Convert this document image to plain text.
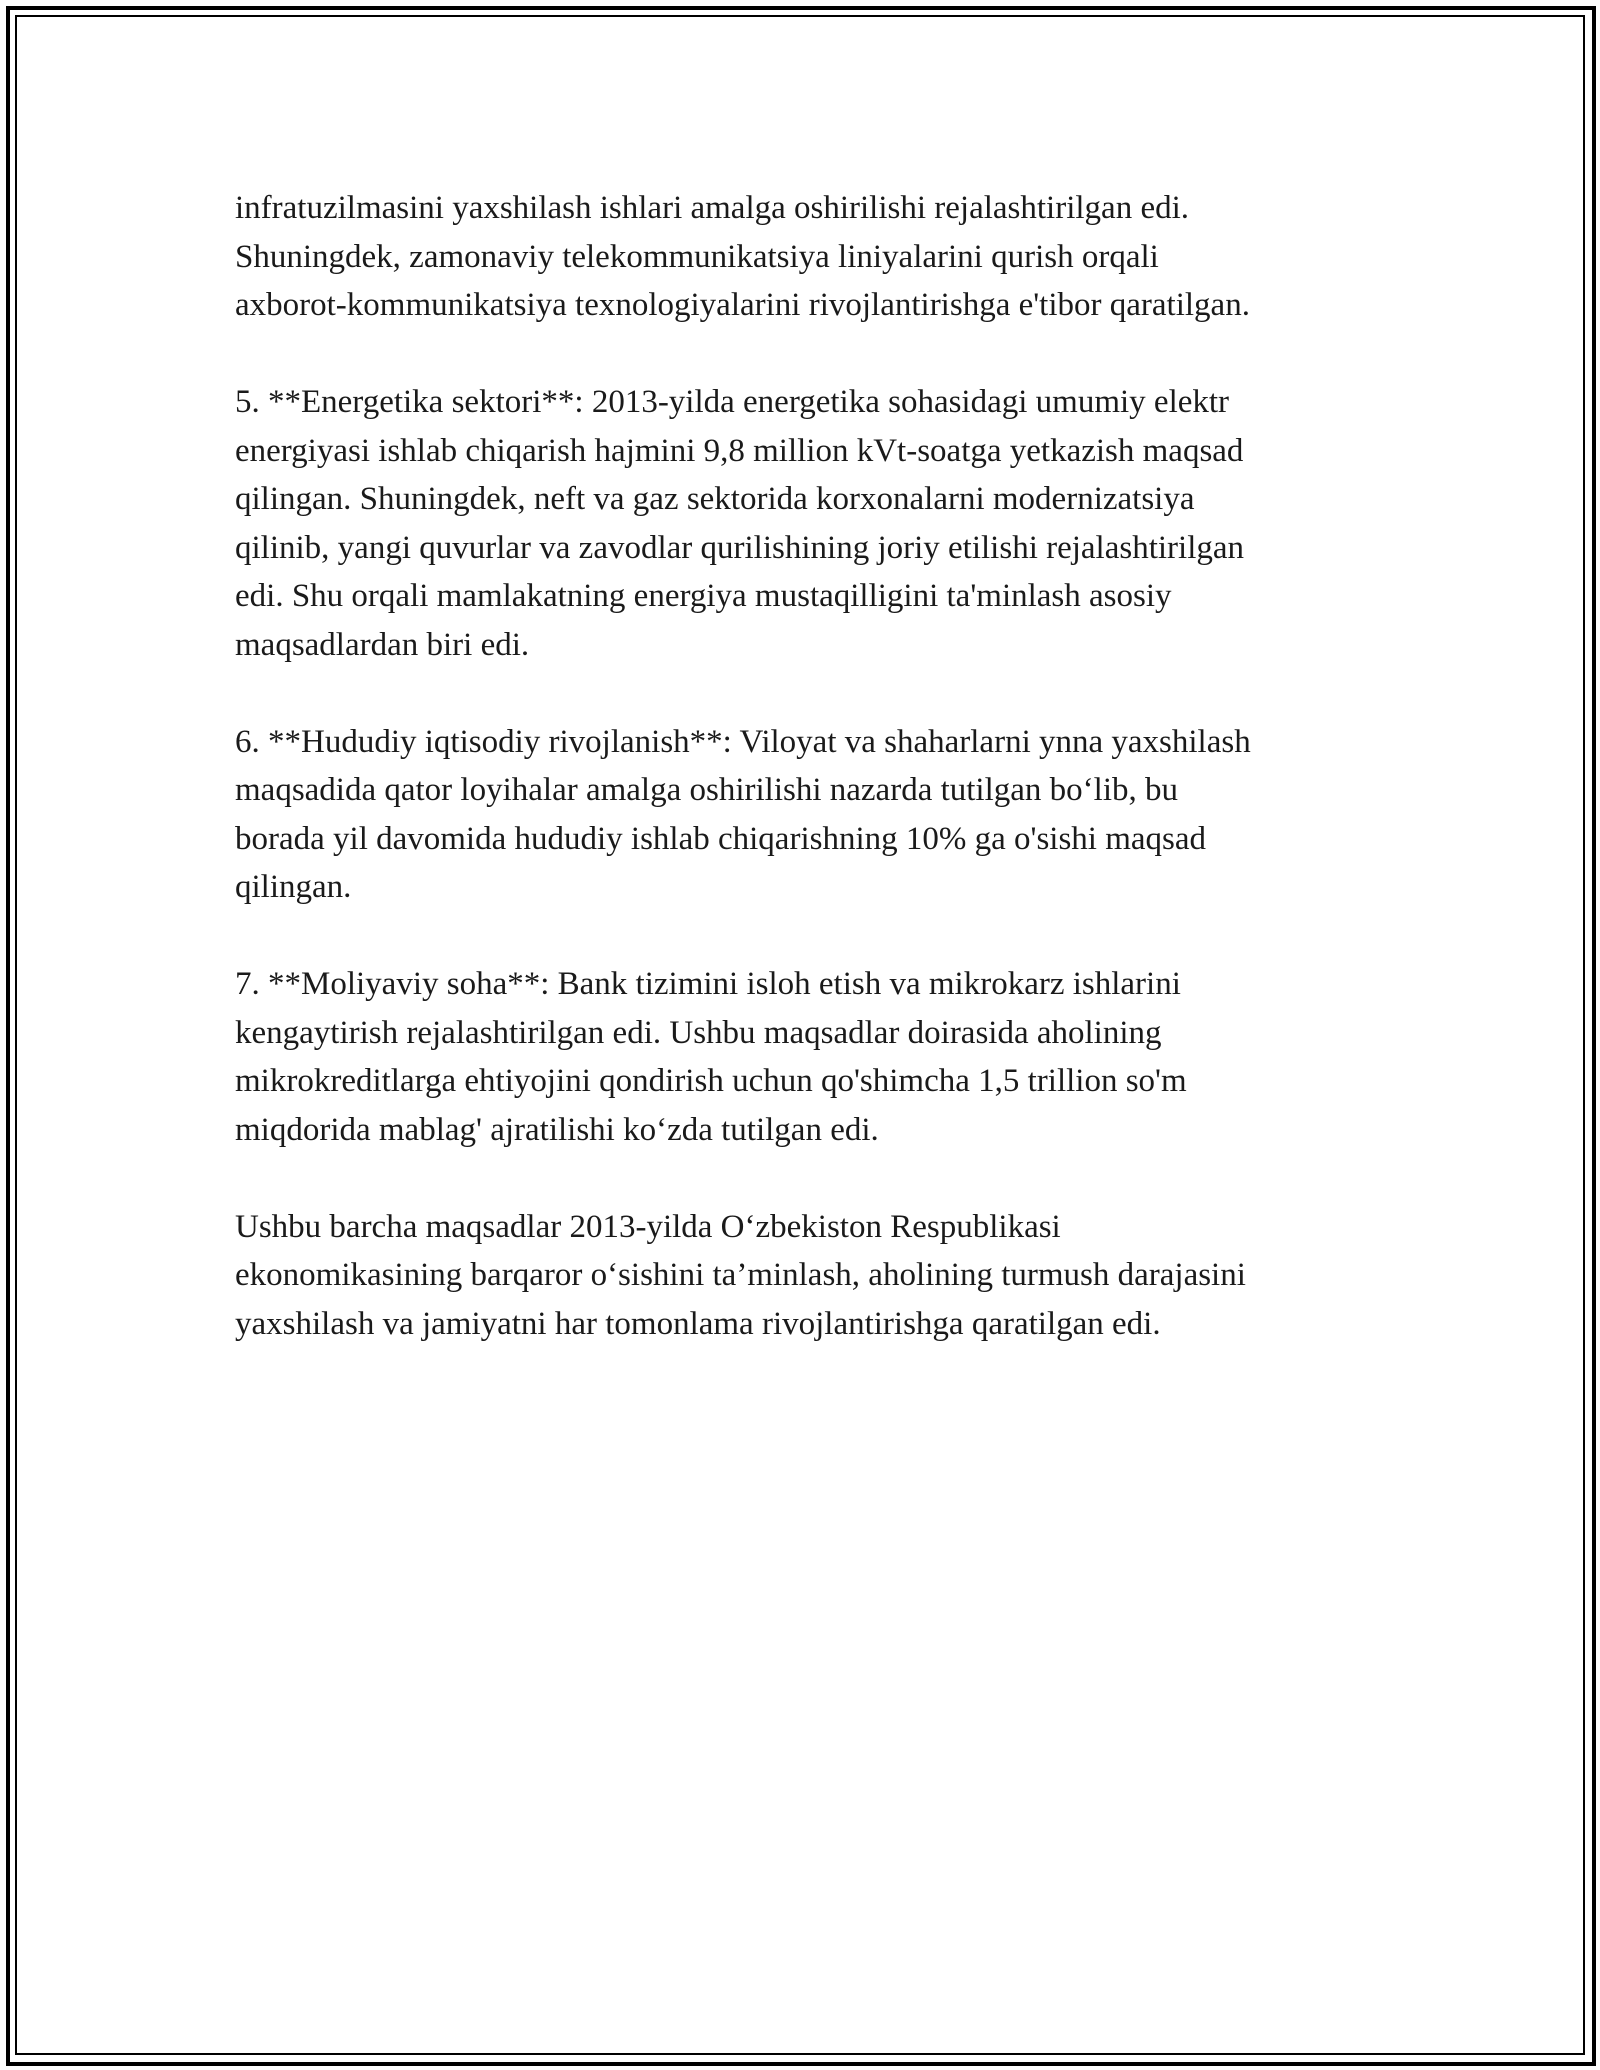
infratuzilmasini yaxshilash ishlari amalga oshirilishi rejalashtirilgan edi.
Shuningdek, zamonaviy telekommunikatsiya liniyalarini qurish orqali
axborot-kommunikatsiya texnologiyalarini rivojlantirishga e'tibor qaratilgan.

5. **Energetika sektori**: 2013-yilda energetika sohasidagi umumiy elektr
energiyasi ishlab chiqarish hajmini 9,8 million kVt-soatga yetkazish maqsad
qilingan. Shuningdek, neft va gaz sektorida korxonalarni modernizatsiya
qilinib, yangi quvurlar va zavodlar qurilishining joriy etilishi rejalashtirilgan
edi. Shu orqali mamlakatning energiya mustaqilligini ta'minlash asosiy
maqsadlardan biri edi.

6. **Hududiy iqtisodiy rivojlanish**: Viloyat va shaharlarni ynna yaxshilash
maqsadida qator loyihalar amalga oshirilishi nazarda tutilgan bo‘lib, bu
borada yil davomida hududiy ishlab chiqarishning 10% ga o'sishi maqsad
qilingan.

7. **Moliyaviy soha**: Bank tizimini isloh etish va mikrokarz ishlarini
kengaytirish rejalashtirilgan edi. Ushbu maqsadlar doirasida aholining
mikrokreditlarga ehtiyojini qondirish uchun qo'shimcha 1,5 trillion so'm
miqdorida mablag' ajratilishi ko‘zda tutilgan edi.

Ushbu barcha maqsadlar 2013-yilda O‘zbekiston Respublikasi
ekonomikasining barqaror o‘sishini ta’minlash, aholining turmush darajasini
yaxshilash va jamiyatni har tomonlama rivojlantirishga qaratilgan edi.
